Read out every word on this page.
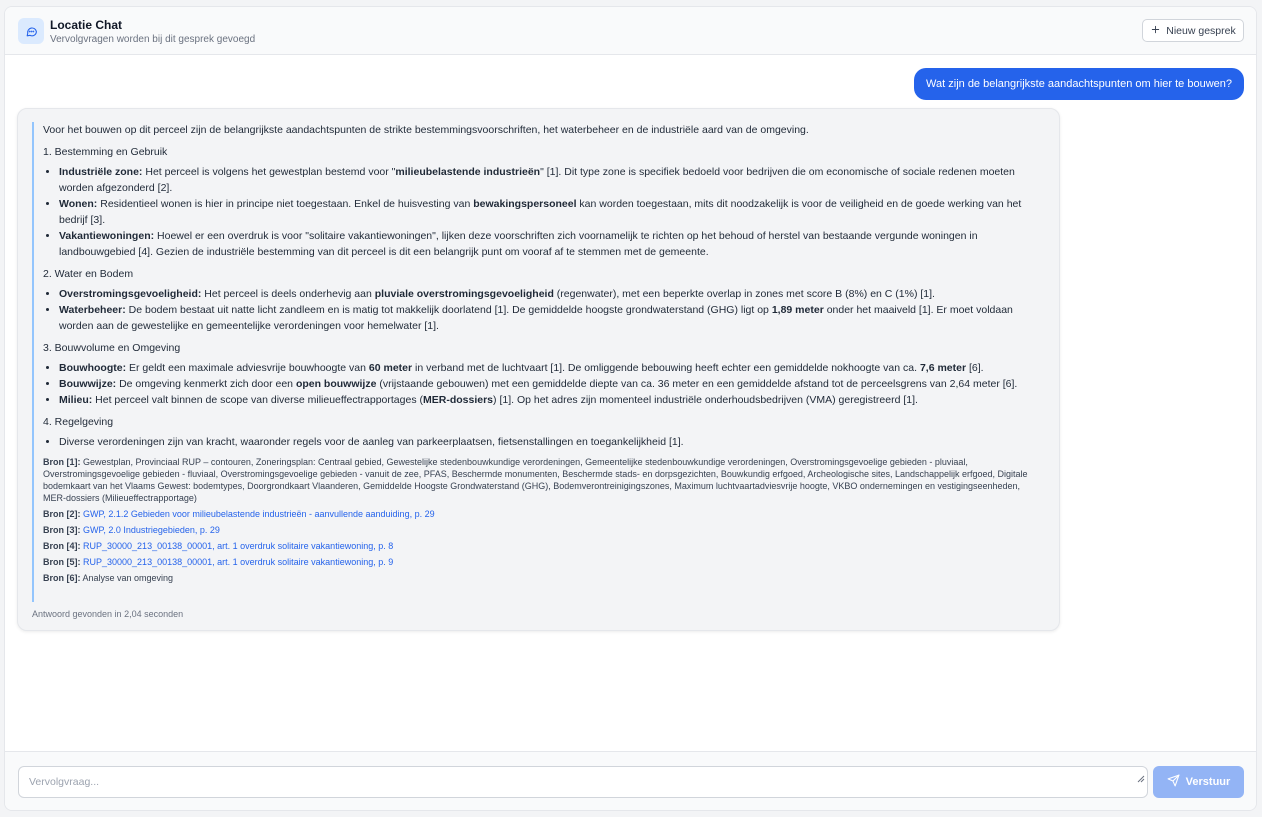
Locatie Chat
Vervolgvragen worden bij dit gesprek gevoegd
Nieuw gesprek
Wat zijn de belangrijkste aandachtspunten om hier te bouwen?

Voor het bouwen op dit perceel zijn de belangrijkste aandachtspunten de strikte bestemmingsvoorschriften, het waterbeheer en de industriële aard van de omgeving.

1. Bestemming en Gebruik
• Industriële zone: Het perceel is volgens het gewestplan bestemd voor "milieubelastende industrieën" [1]. Dit type zone is specifiek bedoeld voor bedrijven die om economische of sociale redenen moeten worden afgezonderd [2].
• Wonen: Residentieel wonen is hier in principe niet toegestaan. Enkel de huisvesting van bewakingspersoneel kan worden toegestaan, mits dit noodzakelijk is voor de veiligheid en de goede werking van het bedrijf [3].
• Vakantiewoningen: Hoewel er een overdruk is voor "solitaire vakantiewoningen", lijken deze voorschriften zich voornamelijk te richten op het behoud of herstel van bestaande vergunde woningen in landbouwgebied [4]. Gezien de industriële bestemming van dit perceel is dit een belangrijk punt om vooraf af te stemmen met de gemeente.
2. Water en Bodem
• Overstromingsgevoeligheid: Het perceel is deels onderhevig aan pluviale overstromingsgevoeligheid (regenwater), met een beperkte overlap in zones met score B (8%) en C (1%) [1].
• Waterbeheer: De bodem bestaat uit natte licht zandleem en is matig tot makkelijk doorlatend [1]. De gemiddelde hoogste grondwaterstand (GHG) ligt op 1,89 meter onder het maaiveld [1]. Er moet voldaan worden aan de gewestelijke en gemeentelijke verordeningen voor hemelwater [1].
3. Bouwvolume en Omgeving
• Bouwhoogte: Er geldt een maximale adviesvrije bouwhoogte van 60 meter in verband met de luchtvaart [1]. De omliggende bebouwing heeft echter een gemiddelde nokhoogte van ca. 7,6 meter [6].
• Bouwwijze: De omgeving kenmerkt zich door een open bouwwijze (vrijstaande gebouwen) met een gemiddelde diepte van ca. 36 meter en een gemiddelde afstand tot de perceelsgrens van 2,64 meter [6].
• Milieu: Het perceel valt binnen de scope van diverse milieueffectrapportages (MER-dossiers) [1]. Op het adres zijn momenteel industriële onderhoudsbedrijven (VMA) geregistreerd [1].
4. Regelgeving
• Diverse verordeningen zijn van kracht, waaronder regels voor de aanleg van parkeerplaatsen, fietsenstallingen en toegankelijkheid [1].
Bron [1]: Gewestplan, Provinciaal RUP – contouren, Zoneringsplan: Centraal gebied, Gewestelijke stedenbouwkundige verordeningen, Gemeentelijke stedenbouwkundige verordeningen, Overstromingsgevoelige gebieden - pluviaal, Overstromingsgevoelige gebieden - fluviaal, Overstromingsgevoelige gebieden - vanuit de zee, PFAS, Beschermde monumenten, Beschermde stads- en dorpsgezichten, Bouwkundig erfgoed, Archeologische sites, Landschappelijk erfgoed, Digitale bodemkaart van het Vlaams Gewest: bodemtypes, Doorgrondkaart Vlaanderen, Gemiddelde Hoogste Grondwaterstand (GHG), Bodemverontreinigingszones, Maximum luchtvaartadviesvrije hoogte, VKBO ondernemingen en vestigingseenheden, MER-dossiers (Milieueffectrapportage)
Bron [2]: GWP, 2.1.2 Gebieden voor milieubelastende industrieën - aanvullende aanduiding, p. 29
Bron [3]: GWP, 2.0 Industriegebieden, p. 29
Bron [4]: RUP_30000_213_00138_00001, art. 1 overdruk solitaire vakantiewoning, p. 8
Bron [5]: RUP_30000_213_00138_00001, art. 1 overdruk solitaire vakantiewoning, p. 9
Bron [6]: Analyse van omgeving
Antwoord gevonden in 2,04 seconden
Vervolgvraag...	Verstuur
